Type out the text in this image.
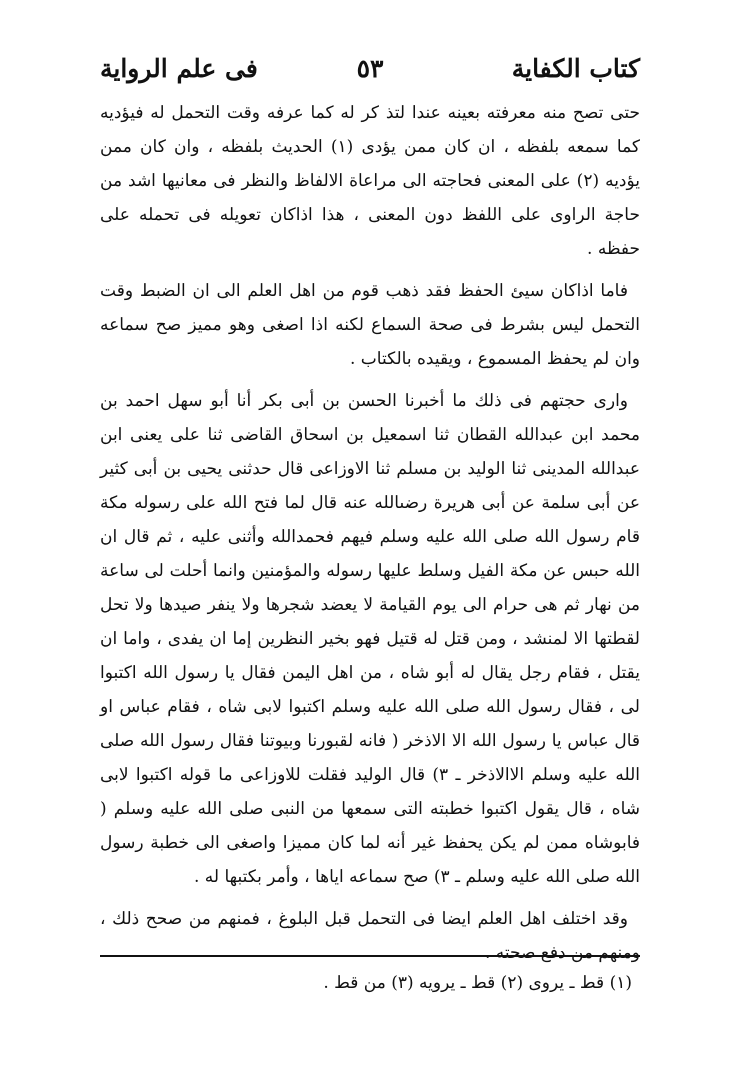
كتاب الكفاية
٥٣
فى علم الرواية

حتى تصح منه معرفته بعينه عندا لتذ كر له كما عرفه وقت التحمل له فيؤديه كما سمعه بلفظه ، ان كان ممن يؤدى (١) الحديث بلفظه ، وان كان ممن يؤديه (٢) على المعنى فحاجته الى مراعاة الالفاظ والنظر فى معانيها اشد من حاجة الراوى على اللفظ دون المعنى ، هذا اذاكان تعويله فى تحمله على حفظه .

فاما اذاكان سيئ الحفظ فقد ذهب قوم من اهل العلم الى ان الضبط وقت التحمل ليس بشرط فى صحة السماع لكنه اذا اصغى وهو مميز صح سماعه وان لم يحفظ المسموع ، ويقيده بالكتاب .

وارى حجتهم فى ذلك ما أخبرنا الحسن بن أبى بكر أنا أبو سهل احمد بن محمد ابن عبدالله القطان ثنا اسمعيل بن اسحاق القاضى ثنا على يعنى ابن عبدالله المدينى ثنا الوليد بن مسلم ثنا الاوزاعى قال حدثنى يحيى بن أبى كثير عن أبى سلمة عن أبى هريرة رضىالله عنه قال لما فتح الله على رسوله مكة قام رسول الله صلى الله عليه وسلم فيهم فحمدالله وأثنى عليه ، ثم قال ان الله حبس عن مكة الفيل وسلط عليها رسوله والمؤمنين وانما أحلت لى ساعة من نهار ثم هى حرام الى يوم القيامة لا يعضد شجرها ولا ينفر صيدها ولا تحل لقطتها الا لمنشد ، ومن قتل له قتيل فهو بخير النظرين إما ان يفدى ، واما ان يقتل ، فقام رجل يقال له أبو شاه ، من اهل اليمن فقال يا رسول الله اكتبوا لى ، فقال رسول الله صلى الله عليه وسلم اكتبوا لابى شاه ، فقام عباس او قال عباس يا رسول الله الا الاذخر ( فانه لقبورنا وبيوتنا فقال رسول الله صلى الله عليه وسلم الاالاذخر ـ ٣) قال الوليد فقلت للاوزاعى ما قوله اكتبوا لابى شاه ، قال يقول اكتبوا خطبته التى سمعها من النبى صلى الله عليه وسلم ( فابوشاه ممن لم يكن يحفظ غير أنه لما كان مميزا واصغى الى خطبة رسول الله صلى الله عليه وسلم ـ ٣) صح سماعه اياها ، وأمر بكتبها له .

وقد اختلف اهل العلم ايضا فى التحمل قبل البلوغ ، فمنهم من صحح ذلك ، ومنهم من دفع صحته .

(١) قط ـ يروى (٢) قط ـ يرويه (٣) من قط .
